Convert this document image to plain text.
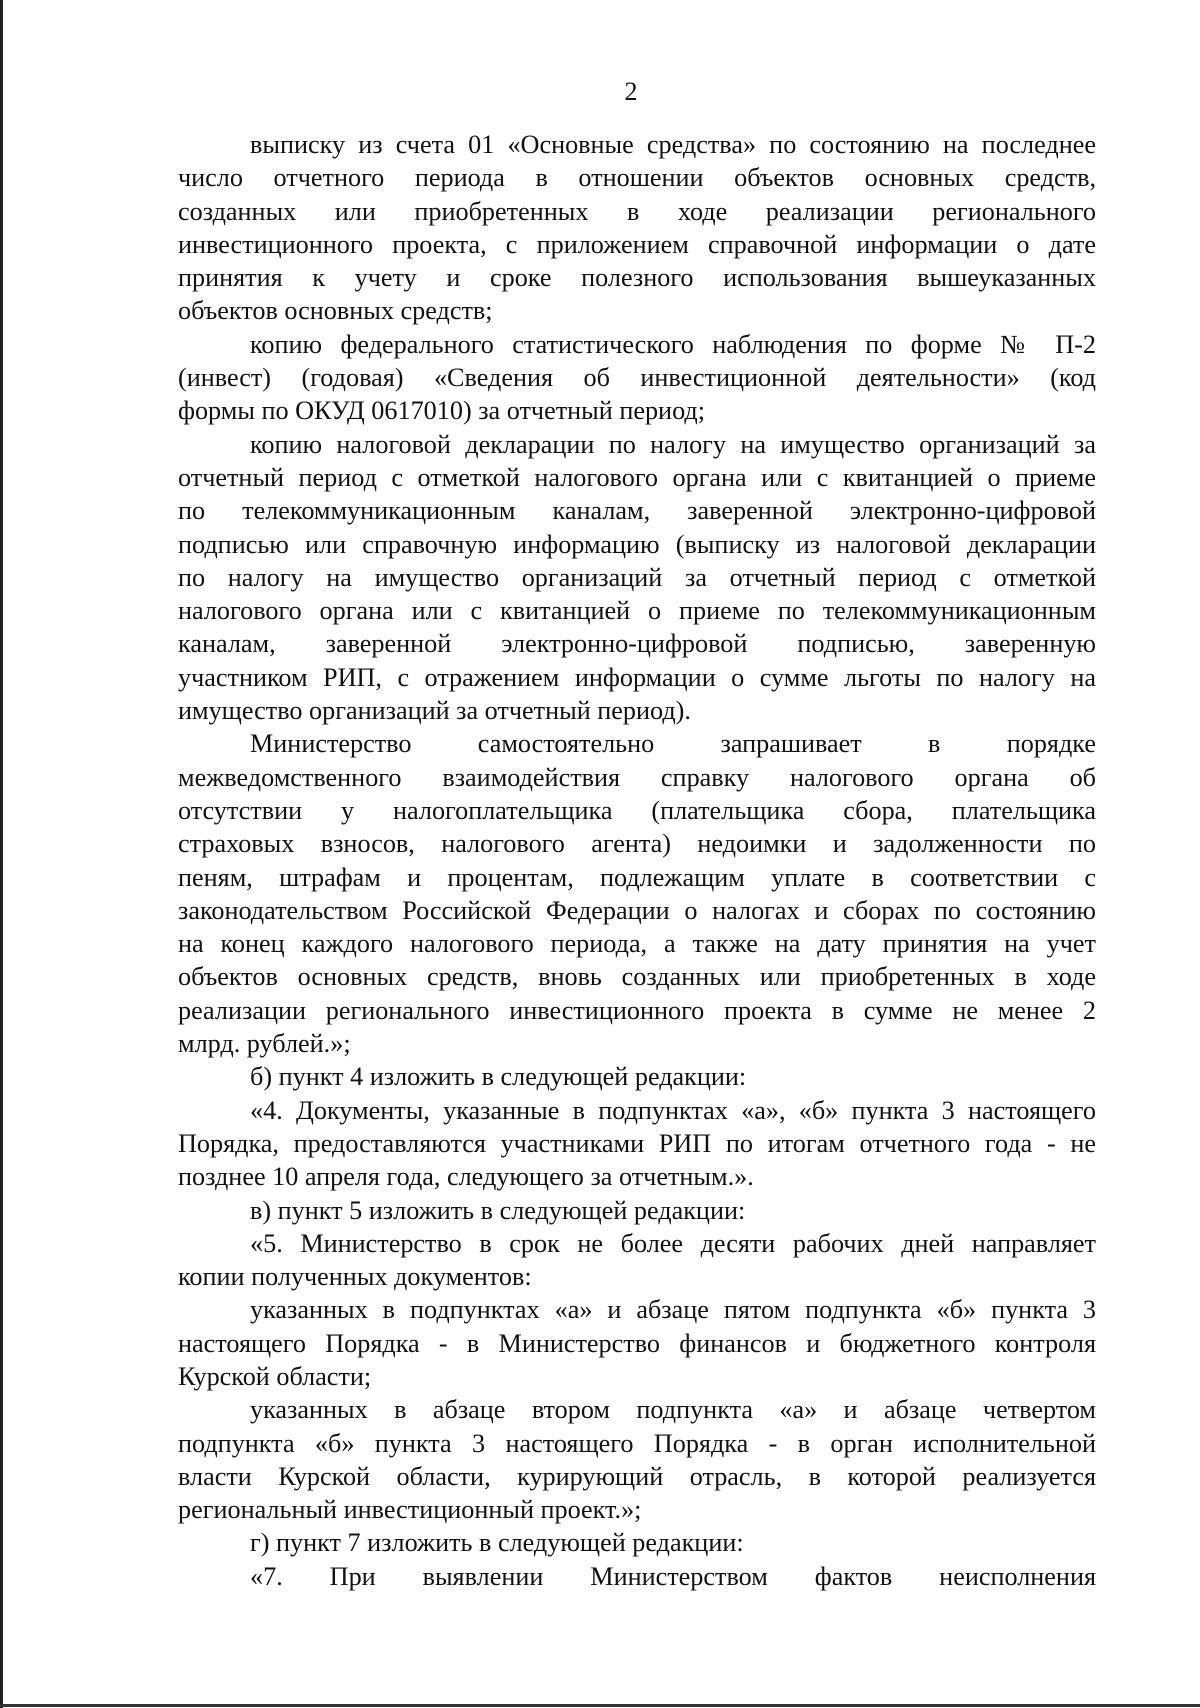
2
выписку из счета 01 «Основные средства» по состоянию на последнее
число отчетного периода в отношении объектов основных средств,
созданных или приобретенных в ходе реализации регионального
инвестиционного проекта, с приложением справочной информации о дате
принятия к учету и сроке полезного использования вышеуказанных
объектов основных средств;
копию федерального статистического наблюдения по форме № П-2
(инвест) (годовая) «Сведения об инвестиционной деятельности» (код
формы по ОКУД 0617010) за отчетный период;
копию налоговой декларации по налогу на имущество организаций за
отчетный период с отметкой налогового органа или с квитанцией о приеме
по телекоммуникационным каналам, заверенной электронно-цифровой
подписью или справочную информацию (выписку из налоговой декларации
по налогу на имущество организаций за отчетный период с отметкой
налогового органа или с квитанцией о приеме по телекоммуникационным
каналам, заверенной электронно-цифровой подписью, заверенную
участником РИП, с отражением информации о сумме льготы по налогу на
имущество организаций за отчетный период).
Министерство самостоятельно запрашивает в порядке
межведомственного взаимодействия справку налогового органа об
отсутствии у налогоплательщика (плательщика сбора, плательщика
страховых взносов, налогового агента) недоимки и задолженности по
пеням, штрафам и процентам, подлежащим уплате в соответствии с
законодательством Российской Федерации о налогах и сборах по состоянию
на конец каждого налогового периода, а также на дату принятия на учет
объектов основных средств, вновь созданных или приобретенных в ходе
реализации регионального инвестиционного проекта в сумме не менее 2
млрд. рублей.»;
б) пункт 4 изложить в следующей редакции:
«4. Документы, указанные в подпунктах «а», «б» пункта 3 настоящего
Порядка, предоставляются участниками РИП по итогам отчетного года - не
позднее 10 апреля года, следующего за отчетным.».
в) пункт 5 изложить в следующей редакции:
«5. Министерство в срок не более десяти рабочих дней направляет
копии полученных документов:
указанных в подпунктах «а» и абзаце пятом подпункта «б» пункта 3
настоящего Порядка - в Министерство финансов и бюджетного контроля
Курской области;
указанных в абзаце втором подпункта «а» и абзаце четвертом
подпункта «б» пункта 3 настоящего Порядка - в орган исполнительной
власти Курской области, курирующий отрасль, в которой реализуется
региональный инвестиционный проект.»;
г) пункт 7 изложить в следующей редакции:
«7. При выявлении Министерством фактов неисполнения
